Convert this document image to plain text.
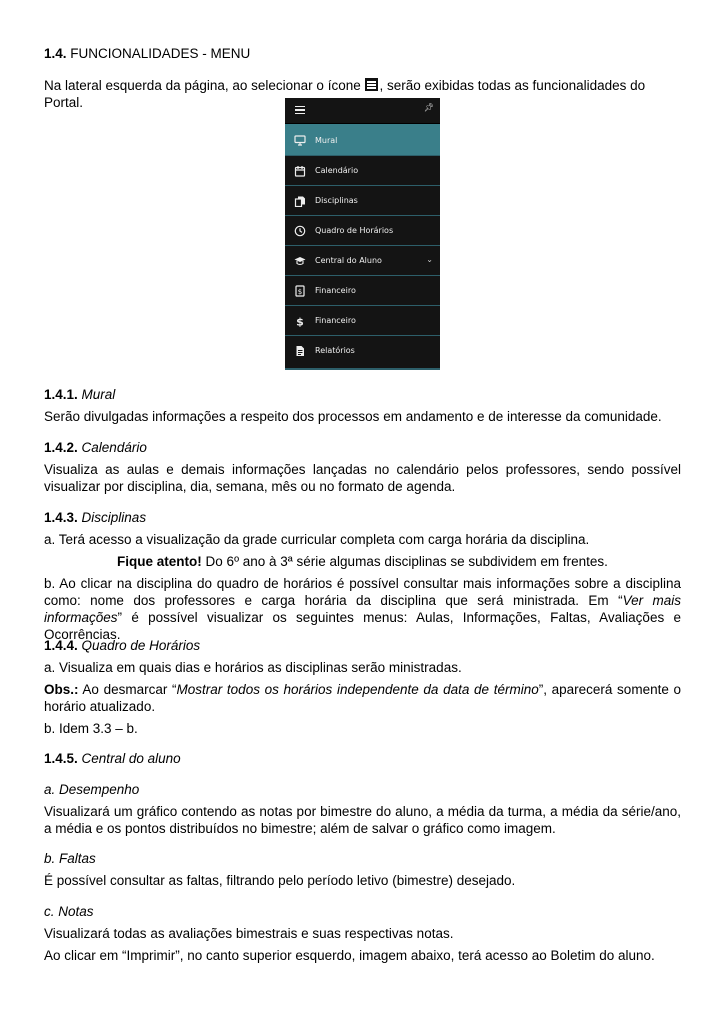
1.4. FUNCIONALIDADES - MENU

Na lateral esquerda da página, ao selecionar o ícone
, serão exibidas todas as funcionalidades do Portal.

1.4.1. Mural

Serão divulgadas informações a respeito dos processos em andamento e de interesse da comunidade.

1.4.2. Calendário

Visualiza as aulas e demais informações lançadas no calendário pelos professores, sendo possível visualizar por disciplina, dia, semana, mês ou no formato de agenda.

1.4.3. Disciplinas

a. Terá acesso a visualização da grade curricular completa com carga horária da disciplina.

Fique atento! Do 6º ano à 3ª série algumas disciplinas se subdividem em frentes.

b. Ao clicar na disciplina do quadro de horários é possível consultar mais informações sobre a disciplina como: nome dos professores e carga horária da disciplina que será ministrada. Em “Ver mais informações” é possível visualizar os seguintes menus: Aulas, Informações, Faltas, Avaliações e Ocorrências.

1.4.4. Quadro de Horários

a. Visualiza em quais dias e horários as disciplinas serão ministradas.

Obs.: Ao desmarcar “Mostrar todos os horários independente da data de término”, aparecerá somente o horário atualizado.

b. Idem 3.3 – b.

1.4.5. Central do aluno

a. Desempenho

Visualizará um gráfico contendo as notas por bimestre do aluno, a média da turma, a média da série/ano, a média e os pontos distribuídos no bimestre; além de salvar o gráfico como imagem.

b. Faltas

É possível consultar as faltas, filtrando pelo período letivo (bimestre) desejado.

c. Notas

Visualizará todas as avaliações bimestrais e suas respectivas notas.

Ao clicar em “Imprimir”, no canto superior esquerdo, imagem abaixo, terá acesso ao Boletim do aluno.

📌︎
Mural
Calendário
Disciplinas
Quadro de Horários
Central do Aluno	⌄
$ Financeiro
$ Financeiro
Relatórios
